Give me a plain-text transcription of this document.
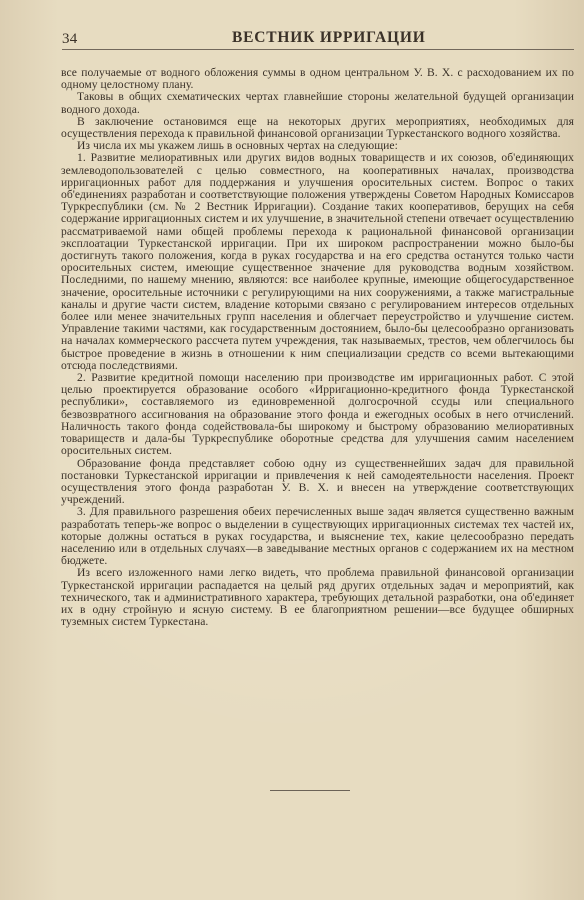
34	ВЕСТНИК ИРРИГАЦИИ

все получаемые от водного обложения суммы в одном центральном У. В. Х. с расходованием их по одному целостному плану.

Таковы в общих схематических чертах главнейшие стороны желательной будущей организации водного дохода.

В заключение остановимся еще на некоторых других мероприятиях, необходимых для осуществления перехода к правильной финансовой организации Туркестанского водного хозяйства.

Из числа их мы укажем лишь в основных чертах на следующие:

1. Развитие мелиоративных или других видов водных товариществ и их союзов, об'единяющих землеводопользователей с целью совместного, на кооперативных началах, производства ирригационных работ для поддержания и улучшения оросительных систем. Вопрос о таких об'единениях разработан и соответствующие положения утверждены Советом Народных Комиссаров Туркреспублики (см. № 2 Вестник Ирригации). Создание таких кооперативов, берущих на себя содержание ирригационных систем и их улучшение, в значительной степени отвечает осуществлению рассматриваемой нами общей проблемы перехода к рациональной финансовой организации эксплоатации Туркестанской ирригации. При их широком распространении можно было-бы достигнуть такого положения, когда в руках государства и на его средства останутся только части оросительных систем, имеющие существенное значение для руководства водным хозяйством. Последними, по нашему мнению, являются: все наиболее крупные, имеющие общегосударственное значение, оросительные источники с регулирующими на них сооружениями, а также магистральные каналы и другие части систем, владение которыми связано с регулированием интересов отдельных более или менее значительных групп населения и облегчает переустройство и улучшение систем. Управление такими частями, как государственным достоянием, было-бы целесообразно организовать на началах коммерческого рассчета путем учреждения, так называемых, трестов, чем облегчилось бы быстрое проведение в жизнь в отношении к ним специализации средств со всеми вытекающими отсюда последствиями.

2. Развитие кредитной помощи населению при производстве им ирригационных работ. С этой целью проектируется образование особого «Ирригационно-кредитного фонда Туркестанской республики», составляемого из единовременной долгосрочной ссуды или специального безвозвратного ассигнования на образование этого фонда и ежегодных особых в него отчислений. Наличность такого фонда содействовала-бы широкому и быстрому образованию мелиоративных товариществ и дала-бы Туркреспублике оборотные средства для улучшения самим населением оросительных систем.

Образование фонда представляет собою одну из существеннейших задач для правильной постановки Туркестанской ирригации и привлечения к ней самодеятельности населения. Проект осуществления этого фонда разработан У. В. Х. и внесен на утверждение соответствующих учреждений.

3. Для правильного разрешения обеих перечисленных выше задач является существенно важным разработать теперь-же вопрос о выделении в существующих ирригационных системах тех частей их, которые должны остаться в руках государства, и выяснение тех, какие целесообразно передать населению или в отдельных случаях—в заведывание местных органов с содержанием их на местном бюджете.

Из всего изложенного нами легко видеть, что проблема правильной финансовой организации Туркестанской ирригации распадается на целый ряд других отдельных задач и мероприятий, как технического, так и административного характера, требующих детальной разработки, она об'единяет их в одну стройную и ясную систему. В ее благоприятном решении—все будущее обширных туземных систем Туркестана.
